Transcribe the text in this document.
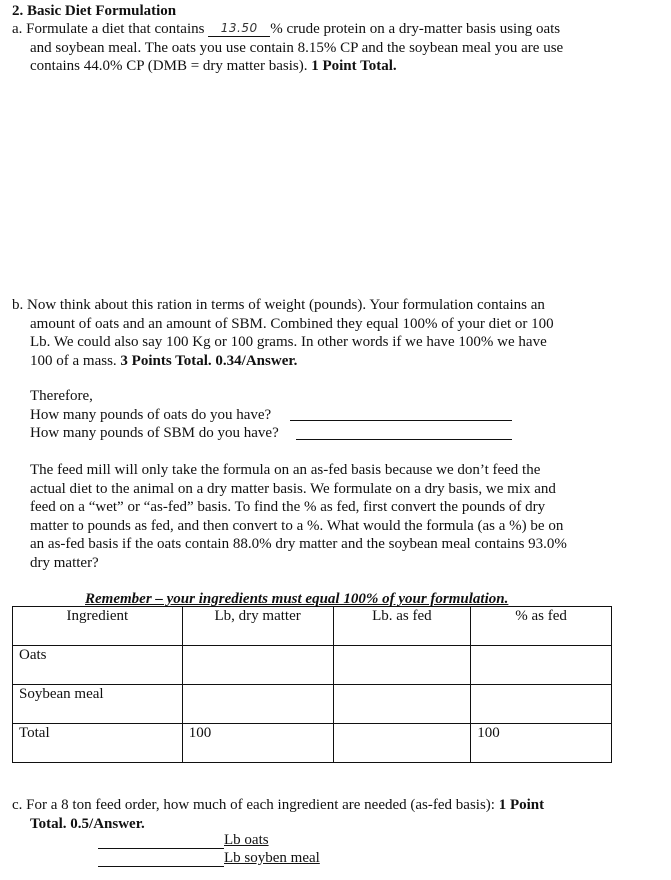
2. Basic Diet Formulation
a. Formulate a diet that contains 13.50 % crude protein on a dry-matter basis using oats
and soybean meal. The oats you use contain 8.15% CP and the soybean meal you are use
contains 44.0% CP (DMB = dry matter basis). 1 Point Total.
b. Now think about this ration in terms of weight (pounds). Your formulation contains an
amount of oats and an amount of SBM. Combined they equal 100% of your diet or 100
Lb. We could also say 100 Kg or 100 grams. In other words if we have 100% we have
100 of a mass. 3 Points Total. 0.34/Answer.
Therefore,
How many pounds of oats do you have?
How many pounds of SBM do you have?
The feed mill will only take the formula on an as-fed basis because we don’t feed the
actual diet to the animal on a dry matter basis. We formulate on a dry basis, we mix and
feed on a “wet” or “as-fed” basis. To find the % as fed, first convert the pounds of dry
matter to pounds as fed, and then convert to a %. What would the formula (as a %) be on
an as-fed basis if the oats contain 88.0% dry matter and the soybean meal contains 93.0%
dry matter?
Remember – your ingredients must equal 100% of your formulation.
Ingredient	Lb, dry matter	Lb. as fed	% as fed
Oats			
Soybean meal			
Total	100		100
c. For a 8 ton feed order, how much of each ingredient are needed (as-fed basis): 1 Point
Total. 0.5/Answer.
Lb oats
Lb soyben meal
